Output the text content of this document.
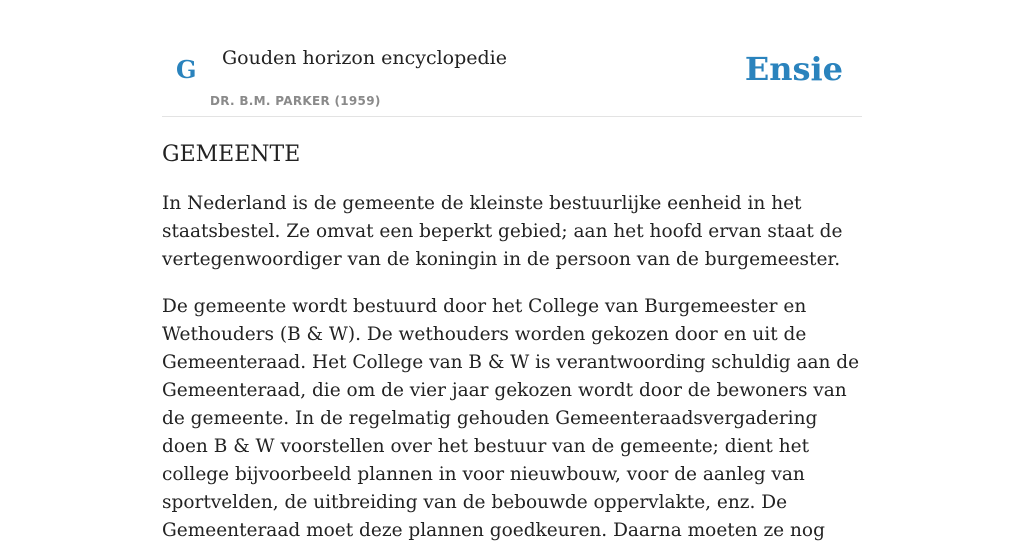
G Gouden horizon encyclopedie
DR. B.M. PARKER (1959)
Ensie
GEMEENTE

In Nederland is de gemeente de kleinste bestuurlijke eenheid in het staatsbestel. Ze omvat een beperkt gebied; aan het hoofd ervan staat de vertegenwoordiger van de koningin in de persoon van de burgemeester.

De gemeente wordt bestuurd door het College van Burgemeester en Wethouders (B & W). De wethouders worden gekozen door en uit de Gemeenteraad. Het College van B & W is verantwoording schuldig aan de Gemeenteraad, die om de vier jaar gekozen wordt door de bewoners van de gemeente. In de regelmatig gehouden Gemeenteraadsvergadering doen B & W voorstellen over het bestuur van de gemeente; dient het college bijvoorbeeld plannen in voor nieuwbouw, voor de aanleg van sportvelden, de uitbreiding van de bebouwde oppervlakte, enz. De Gemeenteraad moet deze plannen goedkeuren. Daarna moeten ze nog
